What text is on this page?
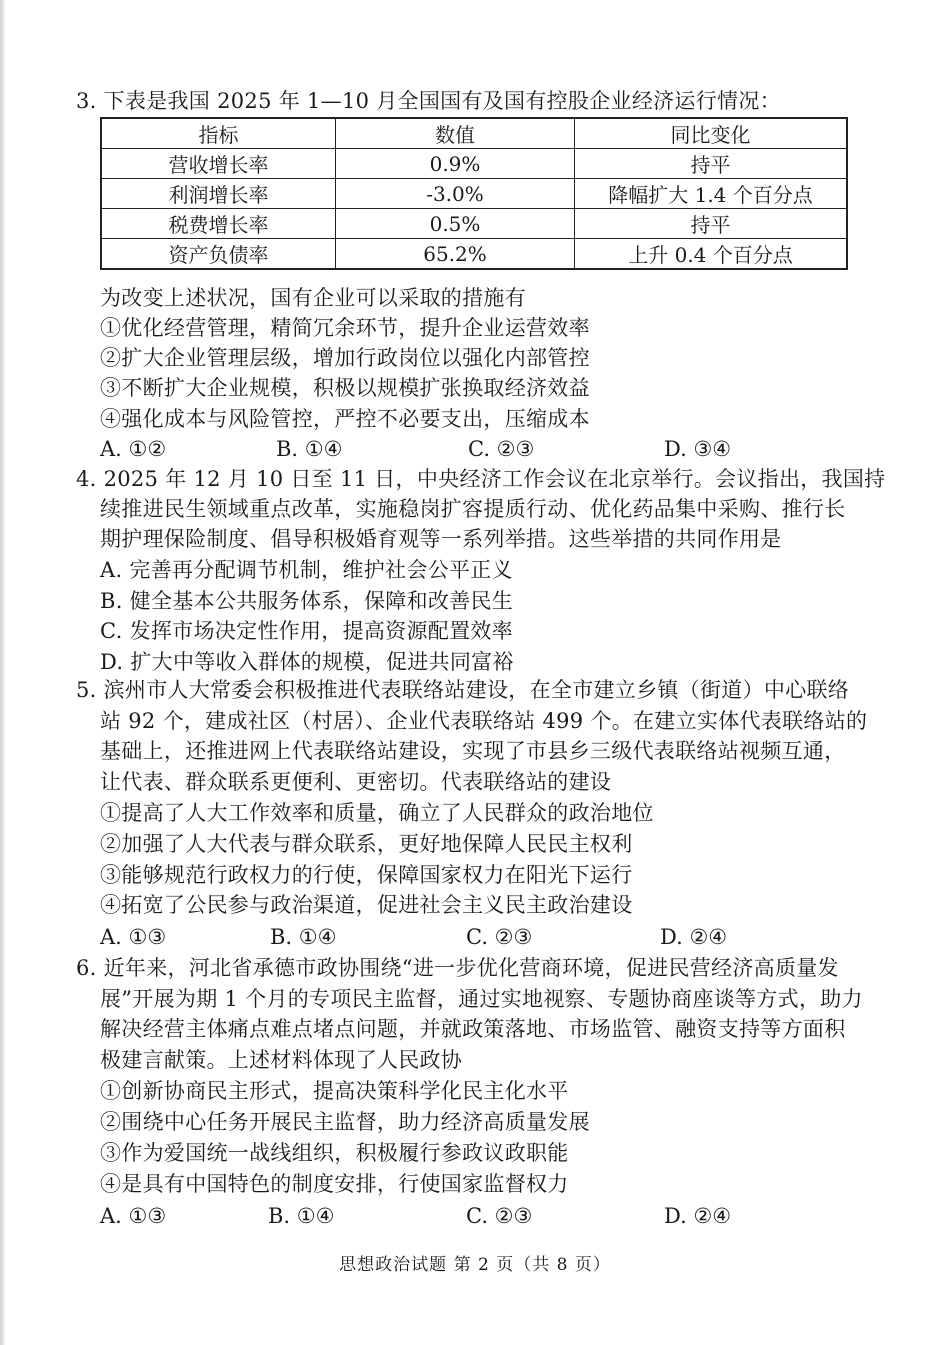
3. 下表是我国 2025 年 1—10 月全国国有及国有控股企业经济运行情况：
指标	数值	同比变化
营收增长率	0.9%	持平
利润增长率	-3.0%	降幅扩大 1.4 个百分点
税费增长率	0.5%	持平
资产负债率	65.2%	上升 0.4 个百分点
为改变上述状况，国有企业可以采取的措施有
①优化经营管理，精简冗余环节，提升企业运营效率
②扩大企业管理层级，增加行政岗位以强化内部管控
③不断扩大企业规模，积极以规模扩张换取经济效益
④强化成本与风险管控，严控不必要支出，压缩成本
A. ①②	B. ①④	C. ②③	D. ③④
4. 2025 年 12 月 10 日至 11 日，中央经济工作会议在北京举行。会议指出，我国持
续推进民生领域重点改革，实施稳岗扩容提质行动、优化药品集中采购、推行长
期护理保险制度、倡导积极婚育观等一系列举措。这些举措的共同作用是
A. 完善再分配调节机制，维护社会公平正义
B. 健全基本公共服务体系，保障和改善民生
C. 发挥市场决定性作用，提高资源配置效率
D. 扩大中等收入群体的规模，促进共同富裕
5. 滨州市人大常委会积极推进代表联络站建设，在全市建立乡镇（街道）中心联络
站 92 个，建成社区（村居）、企业代表联络站 499 个。在建立实体代表联络站的
基础上，还推进网上代表联络站建设，实现了市县乡三级代表联络站视频互通，
让代表、群众联系更便利、更密切。代表联络站的建设
①提高了人大工作效率和质量，确立了人民群众的政治地位
②加强了人大代表与群众联系，更好地保障人民民主权利
③能够规范行政权力的行使，保障国家权力在阳光下运行
④拓宽了公民参与政治渠道，促进社会主义民主政治建设
A. ①③	B. ①④	C. ②③	D. ②④
6. 近年来，河北省承德市政协围绕“进一步优化营商环境，促进民营经济高质量发
展”开展为期 1 个月的专项民主监督，通过实地视察、专题协商座谈等方式，助力
解决经营主体痛点难点堵点问题，并就政策落地、市场监管、融资支持等方面积
极建言献策。上述材料体现了人民政协
①创新协商民主形式，提高决策科学化民主化水平
②围绕中心任务开展民主监督，助力经济高质量发展
③作为爱国统一战线组织，积极履行参政议政职能
④是具有中国特色的制度安排，行使国家监督权力
A. ①③	B. ①④	C. ②③	D. ②④
思想政治试题 第 2 页（共 8 页）
